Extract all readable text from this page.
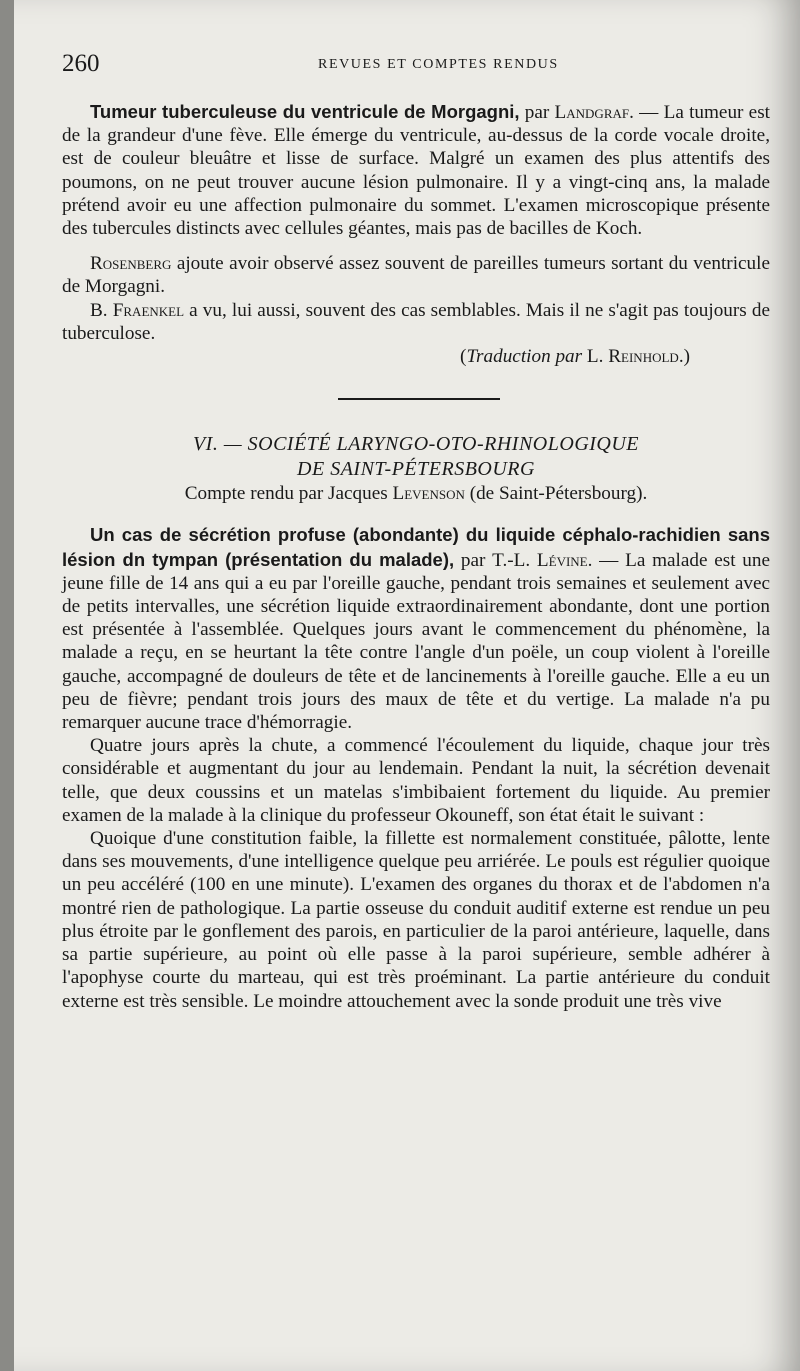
260	REVUES ET COMPTES RENDUS

Tumeur tuberculeuse du ventricule de Morgagni, par Landgraf. — La tumeur est de la grandeur d'une fève. Elle émerge du ventricule, au-dessus de la corde vocale droite, est de couleur bleuâtre et lisse de surface. Malgré un examen des plus attentifs des poumons, on ne peut trouver aucune lésion pulmonaire. Il y a vingt-cinq ans, la malade prétend avoir eu une affection pulmonaire du sommet. L'examen microscopique présente des tubercules distincts avec cellules géantes, mais pas de bacilles de Koch.

Rosenberg ajoute avoir observé assez souvent de pareilles tumeurs sortant du ventricule de Morgagni.

B. Fraenkel a vu, lui aussi, souvent des cas semblables. Mais il ne s'agit pas toujours de tuberculose.

(Traduction par L. Reinhold.)

VI. — SOCIÉTÉ LARYNGO-OTO-RHINOLOGIQUE

DE SAINT-PÉTERSBOURG

Compte rendu par Jacques Levenson (de Saint-Pétersbourg).

Un cas de sécrétion profuse (abondante) du liquide céphalo-rachidien sans lésion dn tympan (présentation du malade), par T.-L. Lévine. — La malade est une jeune fille de 14 ans qui a eu par l'oreille gauche, pendant trois semaines et seulement avec de petits intervalles, une sécrétion liquide extraordinairement abondante, dont une portion est présentée à l'assemblée. Quelques jours avant le commencement du phénomène, la malade a reçu, en se heurtant la tête contre l'angle d'un poële, un coup violent à l'oreille gauche, accompagné de douleurs de tête et de lancinements à l'oreille gauche. Elle a eu un peu de fièvre; pendant trois jours des maux de tête et du vertige. La malade n'a pu remarquer aucune trace d'hémorragie.

Quatre jours après la chute, a commencé l'écoulement du liquide, chaque jour très considérable et augmentant du jour au lendemain. Pendant la nuit, la sécrétion devenait telle, que deux coussins et un matelas s'imbibaient fortement du liquide. Au premier examen de la malade à la clinique du professeur Okouneff, son état était le suivant :

Quoique d'une constitution faible, la fillette est normalement constituée, pâlotte, lente dans ses mouvements, d'une intelligence quelque peu arriérée. Le pouls est régulier quoique un peu accéléré (100 en une minute). L'examen des organes du thorax et de l'abdomen n'a montré rien de pathologique. La partie osseuse du conduit auditif externe est rendue un peu plus étroite par le gonflement des parois, en particulier de la paroi antérieure, laquelle, dans sa partie supérieure, au point où elle passe à la paroi supérieure, semble adhérer à l'apophyse courte du marteau, qui est très proéminant. La partie antérieure du conduit externe est très sensible. Le moindre attouchement avec la sonde produit une très vive
